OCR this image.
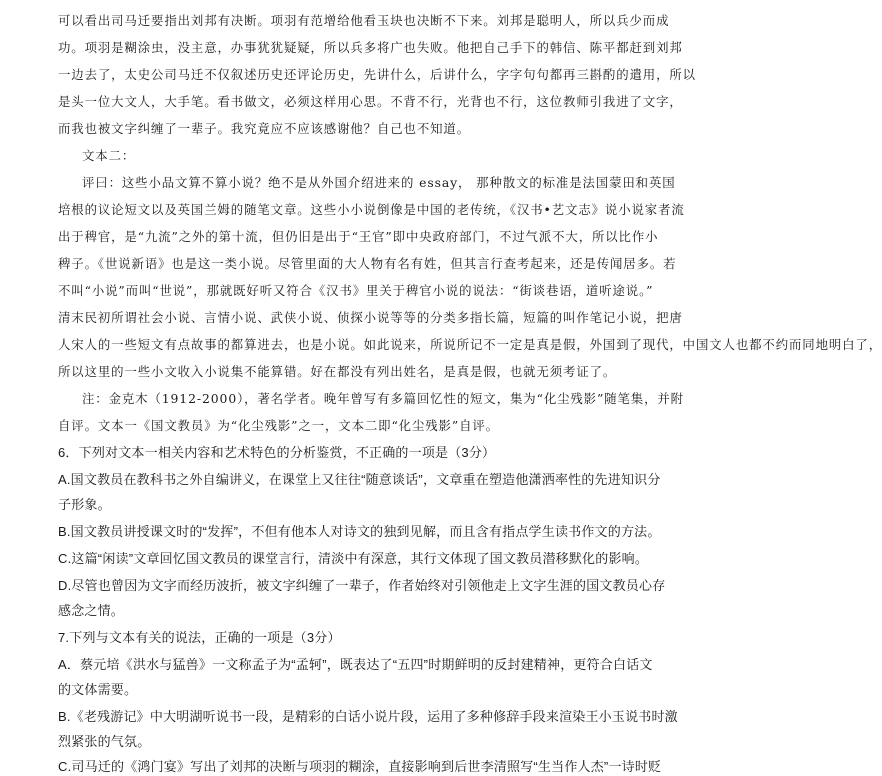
可以看出司马迁要指出刘邦有决断。项羽有范增给他看玉块也决断不下来。刘邦是聪明人，所以兵少而成
功。项羽是糊涂虫，没主意，办事犹犹疑疑，所以兵多将广也失败。他把自己手下的韩信、陈平都赶到刘邦
一边去了，太史公司马迁不仅叙述历史还评论历史，先讲什么，后讲什么，字字句句都再三斟酌的遣用，所以
是头一位大文人，大手笔。看书做文，必须这样用心思。不背不行，光背也不行，这位教师引我进了文字，
而我也被文字纠缠了一辈子。我究竟应不应该感谢他？自己也不知道。
文本二：
评曰：这些小品文算不算小说？绝不是从外国介绍进来的 essay， 那种散文的标准是法国蒙田和英国
培根的议论短文以及英国兰姆的随笔文章。这些小小说倒像是中国的老传统，《汉书•艺文志》说小说家者流
出于稗官，是“九流”之外的第十流，但仍旧是出于“王官”即中央政府部门，不过气派不大，所以比作小
稗子。《世说新语》也是这一类小说。尽管里面的大人物有名有姓，但其言行查考起来，还是传闻居多。若
不叫“小说”而叫“世说”，那就既好听又符合《汉书》里关于稗官小说的说法：“街谈巷语，道听途说。”
清末民初所谓社会小说、言情小说、武侠小说、侦探小说等等的分类多指长篇，短篇的叫作笔记小说，把唐
人宋人的一些短文有点故事的都算进去，也是小说。如此说来，所说所记不一定是真是假，外国到了现代，中国文人也都不约而同地明白了，
所以这里的一些小文收入小说集不能算错。好在都没有列出姓名，是真是假，也就无须考证了。
注：金克木（1912-2000），著名学者。晚年曾写有多篇回忆性的短文，集为“化尘残影”随笔集，并附
自评。文本一《国文教员》为“化尘残影”之一，文本二即“化尘残影”自评。
6．下列对文本一相关内容和艺术特色的分析鉴赏，不正确的一项是（3分）
A.国文教员在教科书之外自编讲义，在课堂上又往往“随意谈话”，文章重在塑造他潇洒率性的先进知识分
子形象。
B.国文教员讲授课文时的“发挥”，不但有他本人对诗文的独到见解，而且含有指点学生读书作文的方法。
C.这篇“闲读”文章回忆国文教员的课堂言行，清淡中有深意，其行文体现了国文教员潜移默化的影响。
D.尽管也曾因为文字而经历波折，被文字纠缠了一辈子，作者始终对引领他走上文字生涯的国文教员心存
感念之情。
7.下列与文本有关的说法，正确的一项是（3分）
A．蔡元培《洪水与猛兽》一文称孟子为“孟轲”，既表达了“五四”时期鲜明的反封建精神，更符合白话文
的文体需要。
B.《老残游记》中大明湖听说书一段，是精彩的白话小说片段，运用了多种修辞手段来渲染王小玉说书时激
烈紧张的气氛。
C.司马迁的《鸿门宴》写出了刘邦的决断与项羽的糊涂，直接影响到后世李清照写“生当作人杰”一诗时贬
